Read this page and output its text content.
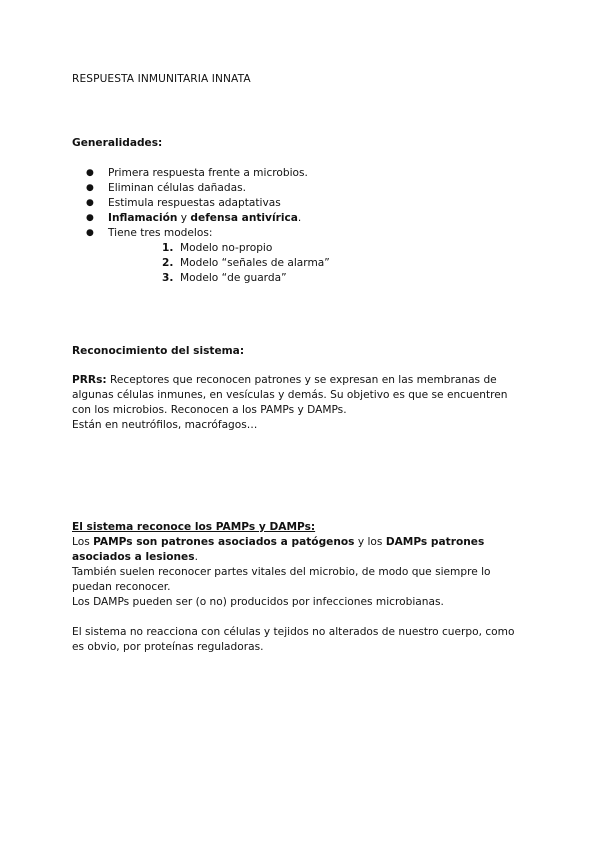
RESPUESTA INMUNITARIA INNATA
Generalidades:
● Primera respuesta frente a microbios.
● Eliminan células dañadas.
● Estimula respuestas adaptativas
● Inflamación y defensa antivírica.
● Tiene tres modelos:
1. Modelo no-propio
2. Modelo “señales de alarma”
3. Modelo “de guarda”
Reconocimiento del sistema:

PRRs: Receptores que reconocen patrones y se expresan en las membranas de algunas células inmunes, en vesículas y demás. Su objetivo es que se encuentren con los microbios. Reconocen a los PAMPs y DAMPs.

Están en neutrófilos, macrófagos…

El sistema reconoce los PAMPs y DAMPs:

Los PAMPs son patrones asociados a patógenos y los DAMPs patrones asociados a lesiones.

También suelen reconocer partes vitales del microbio, de modo que siempre lo puedan reconocer.

Los DAMPs pueden ser (o no) producidos por infecciones microbianas.

El sistema no reacciona con células y tejidos no alterados de nuestro cuerpo, como es obvio, por proteínas reguladoras.
